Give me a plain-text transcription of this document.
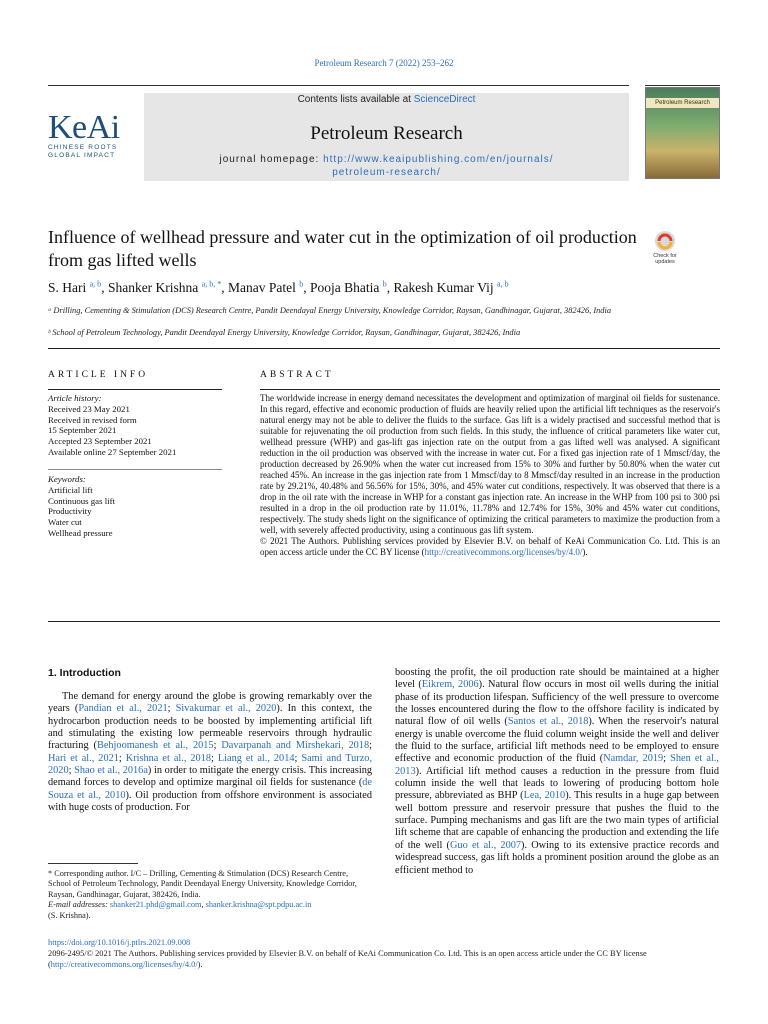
Petroleum Research 7 (2022) 253–262
KeAi
CHINESE ROOTS
GLOBAL IMPACT
Contents lists available at ScienceDirect
Petroleum Research
journal homepage: http://www.keaipublishing.com/en/journals/
petroleum-research/
Petroleum Research
Influence of wellhead pressure and water cut in the optimization of oil production from gas lifted wells	Check for updates
S. Hari $^{a, b}$, Shanker Krishna $^{a, b, *}$, Manav Patel $^b$, Pooja Bhatia $^b$, Rakesh Kumar Vij $^{a, b}$
ᵃ Drilling, Cementing & Stimulation (DCS) Research Centre, Pandit Deendayal Energy University, Knowledge Corridor, Raysan, Gandhinagar, Gujarat, 382426, India
ᵇ School of Petroleum Technology, Pandit Deendayal Energy University, Knowledge Corridor, Raysan, Gandhinagar, Gujarat, 382426, India
ARTICLE INFO
Article history:
Received 23 May 2021
Received in revised form
15 September 2021
Accepted 23 September 2021
Available online 27 September 2021
Keywords:
Artificial lift
Continuous gas lift
Productivity
Water cut
Wellhead pressure
ABSTRACT
The worldwide increase in energy demand necessitates the development and optimization of marginal oil fields for sustenance. In this regard, effective and economic production of fluids are heavily relied upon the artificial lift techniques as the reservoir's natural energy may not be able to deliver the fluids to the surface. Gas lift is a widely practised and successful method that is suitable for rejuvenating the oil production from such fields. In this study, the influence of critical parameters like water cut, wellhead pressure (WHP) and gas-lift gas injection rate on the output from a gas lifted well was analysed. A significant reduction in the oil production was observed with the increase in water cut. For a fixed gas injection rate of 1 Mmscf/day, the production decreased by 26.90% when the water cut increased from 15% to 30% and further by 50.80% when the water cut reached 45%. An increase in the gas injection rate from 1 Mmscf/day to 8 Mmscf/day resulted in an increase in the production rate by 29.21%, 40.48% and 56.56% for 15%, 30%, and 45% water cut conditions, respectively. It was observed that there is a drop in the oil rate with the increase in WHP for a constant gas injection rate. An increase in the WHP from 100 psi to 300 psi resulted in a drop in the oil production rate by 11.01%, 11.78% and 12.74% for 15%, 30% and 45% water cut conditions, respectively. The study sheds light on the significance of optimizing the critical parameters to maximize the production from a well, with severely affected productivity, using a continuous gas lift system.
© 2021 The Authors. Publishing services provided by Elsevier B.V. on behalf of KeAi Communication Co. Ltd. This is an open access article under the CC BY license (http://creativecommons.org/licenses/by/4.0/).
1. Introduction

The demand for energy around the globe is growing remarkably over the years (Pandian et al., 2021; Sivakumar et al., 2020). In this context, the hydrocarbon production needs to be boosted by implementing artificial lift and stimulating the existing low permeable reservoirs through hydraulic fracturing (Behjoomanesh et al., 2015; Davarpanah and Mirshekari, 2018; Hari et al., 2021; Krishna et al., 2018; Liang et al., 2014; Sami and Turzo, 2020; Shao et al., 2016a) in order to mitigate the energy crisis. This increasing demand forces to develop and optimize marginal oil fields for sustenance (de Souza et al., 2010). Oil production from offshore environment is associated with huge costs of production. For

boosting the profit, the oil production rate should be maintained at a higher level (Eikrem, 2006). Natural flow occurs in most oil wells during the initial phase of its production lifespan. Sufficiency of the well pressure to overcome the losses encountered during the flow to the offshore facility is indicated by natural flow of oil wells (Santos et al., 2018). When the reservoir's natural energy is unable overcome the fluid column weight inside the well and deliver the fluid to the surface, artificial lift methods need to be employed to ensure effective and economic production of the fluid (Namdar, 2019; Shen et al., 2013). Artificial lift method causes a reduction in the pressure from fluid column inside the well that leads to lowering of producing bottom hole pressure, abbreviated as BHP (Lea, 2010). This results in a huge gap between well bottom pressure and reservoir pressure that pushes the fluid to the surface. Pumping mechanisms and gas lift are the two main types of artificial lift scheme that are capable of enhancing the production and extending the life of the well (Guo et al., 2007). Owing to its extensive practice records and widespread success, gas lift holds a prominent position around the globe as an efficient method to

* Corresponding author. I/C – Drilling, Cementing & Stimulation (DCS) Research Centre, School of Petroleum Technology, Pandit Deendayal Energy University, Knowledge Corridor, Raysan, Gandhinagar, Gujarat, 382426, India.
E-mail addresses: shanker21.phd@gmail.com, shanker.krishna@spt.pdpu.ac.in
(S. Krishna).
https://doi.org/10.1016/j.ptlrs.2021.09.008
2096-2495/© 2021 The Authors. Publishing services provided by Elsevier B.V. on behalf of KeAi Communication Co. Ltd. This is an open access article under the CC BY license (http://creativecommons.org/licenses/by/4.0/).
